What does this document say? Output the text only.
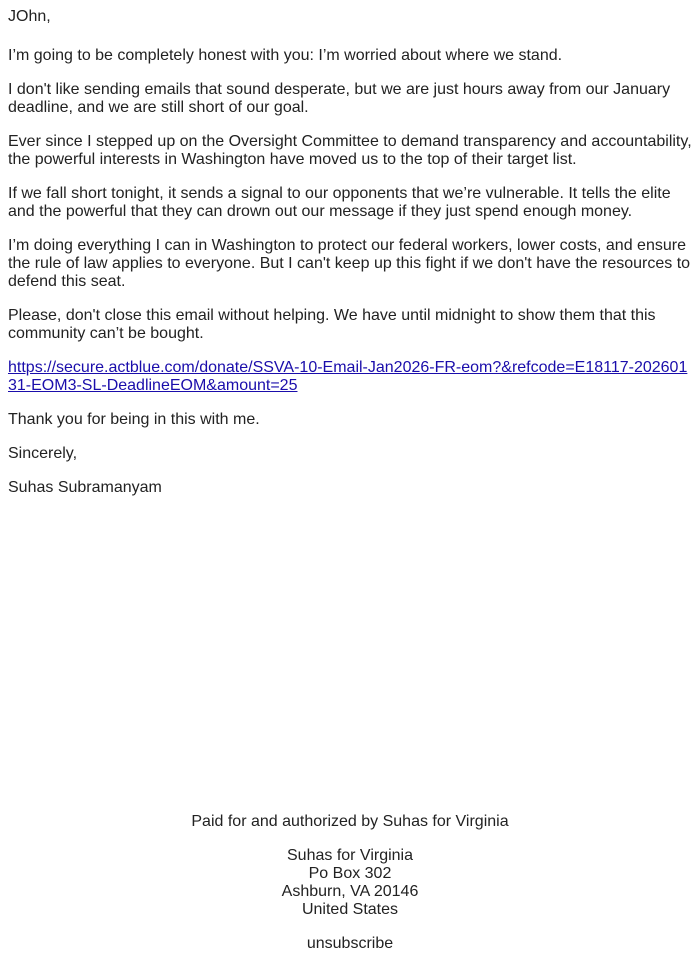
JOhn,

I’m going to be completely honest with you: I’m worried about where we stand.

I don't like sending emails that sound desperate, but we are just hours away from our January deadline, and we are still short of our goal.

Ever since I stepped up on the Oversight Committee to demand transparency and accountability, the powerful interests in Washington have moved us to the top of their target list.

If we fall short tonight, it sends a signal to our opponents that we’re vulnerable. It tells the elite and the powerful that they can drown out our message if they just spend enough money.

I’m doing everything I can in Washington to protect our federal workers, lower costs, and ensure the rule of law applies to everyone. But I can't keep up this fight if we don't have the resources to defend this seat.

Please, don't close this email without helping. We have until midnight to show them that this community can’t be bought.

https://secure.actblue.com/donate/SSVA-10-Email-Jan2026-FR-eom?&refcode=E18117-20260131-EOM3-SL-DeadlineEOM&amount=25

Thank you for being in this with me.

Sincerely,

Suhas Subramanyam

Paid for and authorized by Suhas for Virginia
Suhas for Virginia
Po Box 302
Ashburn, VA 20146
United States
unsubscribe
